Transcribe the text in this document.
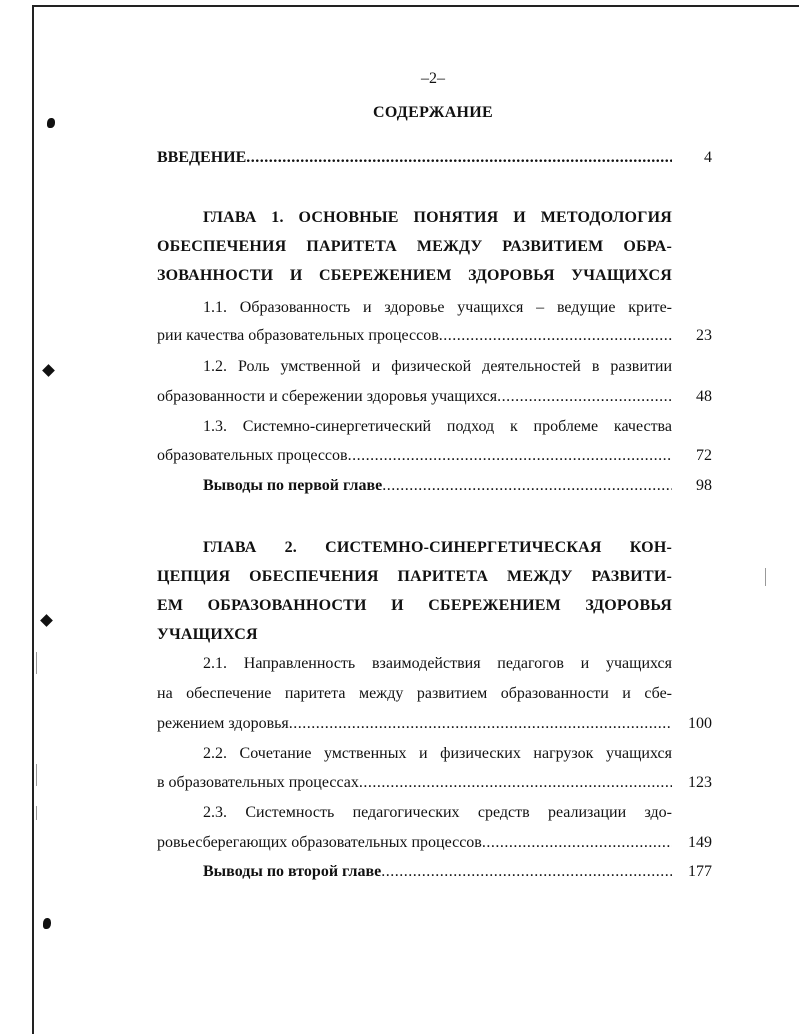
–2–
СОДЕРЖАНИЕ
ВВЕДЕНИЕ .....	4
ГЛАВА 1. ОСНОВНЫЕ ПОНЯТИЯ И МЕТОДОЛОГИЯ
ОБЕСПЕЧЕНИЯ ПАРИТЕТА МЕЖДУ РАЗВИТИЕМ ОБРА-
ЗОВАННОСТИ И СБЕРЕЖЕНИЕМ ЗДОРОВЬЯ УЧАЩИХСЯ
1.1. Образованность и здоровье учащихся – ведущие крите-
рии качества образовательных процессов .....	23
1.2. Роль умственной и физической деятельностей в развитии
образованности и сбережении здоровья учащихся .....	48
1.3. Системно-синергетический подход к проблеме качества
образовательных процессов .....	72
Выводы по первой главе .....	98
ГЛАВА 2. СИСТЕМНО-СИНЕРГЕТИЧЕСКАЯ КОН-
ЦЕПЦИЯ ОБЕСПЕЧЕНИЯ ПАРИТЕТА МЕЖДУ РАЗВИТИ-
ЕМ ОБРАЗОВАННОСТИ И СБЕРЕЖЕНИЕМ ЗДОРОВЬЯ
УЧАЩИХСЯ
2.1. Направленность взаимодействия педагогов и учащихся
на обеспечение паритета между развитием образованности и сбе-
режением здоровья .....	100
2.2. Сочетание умственных и физических нагрузок учащихся
в образовательных процессах .....	123
2.3. Системность педагогических средств реализации здо-
ровьесберегающих образовательных процессов .....	149
Выводы по второй главе .....	177
